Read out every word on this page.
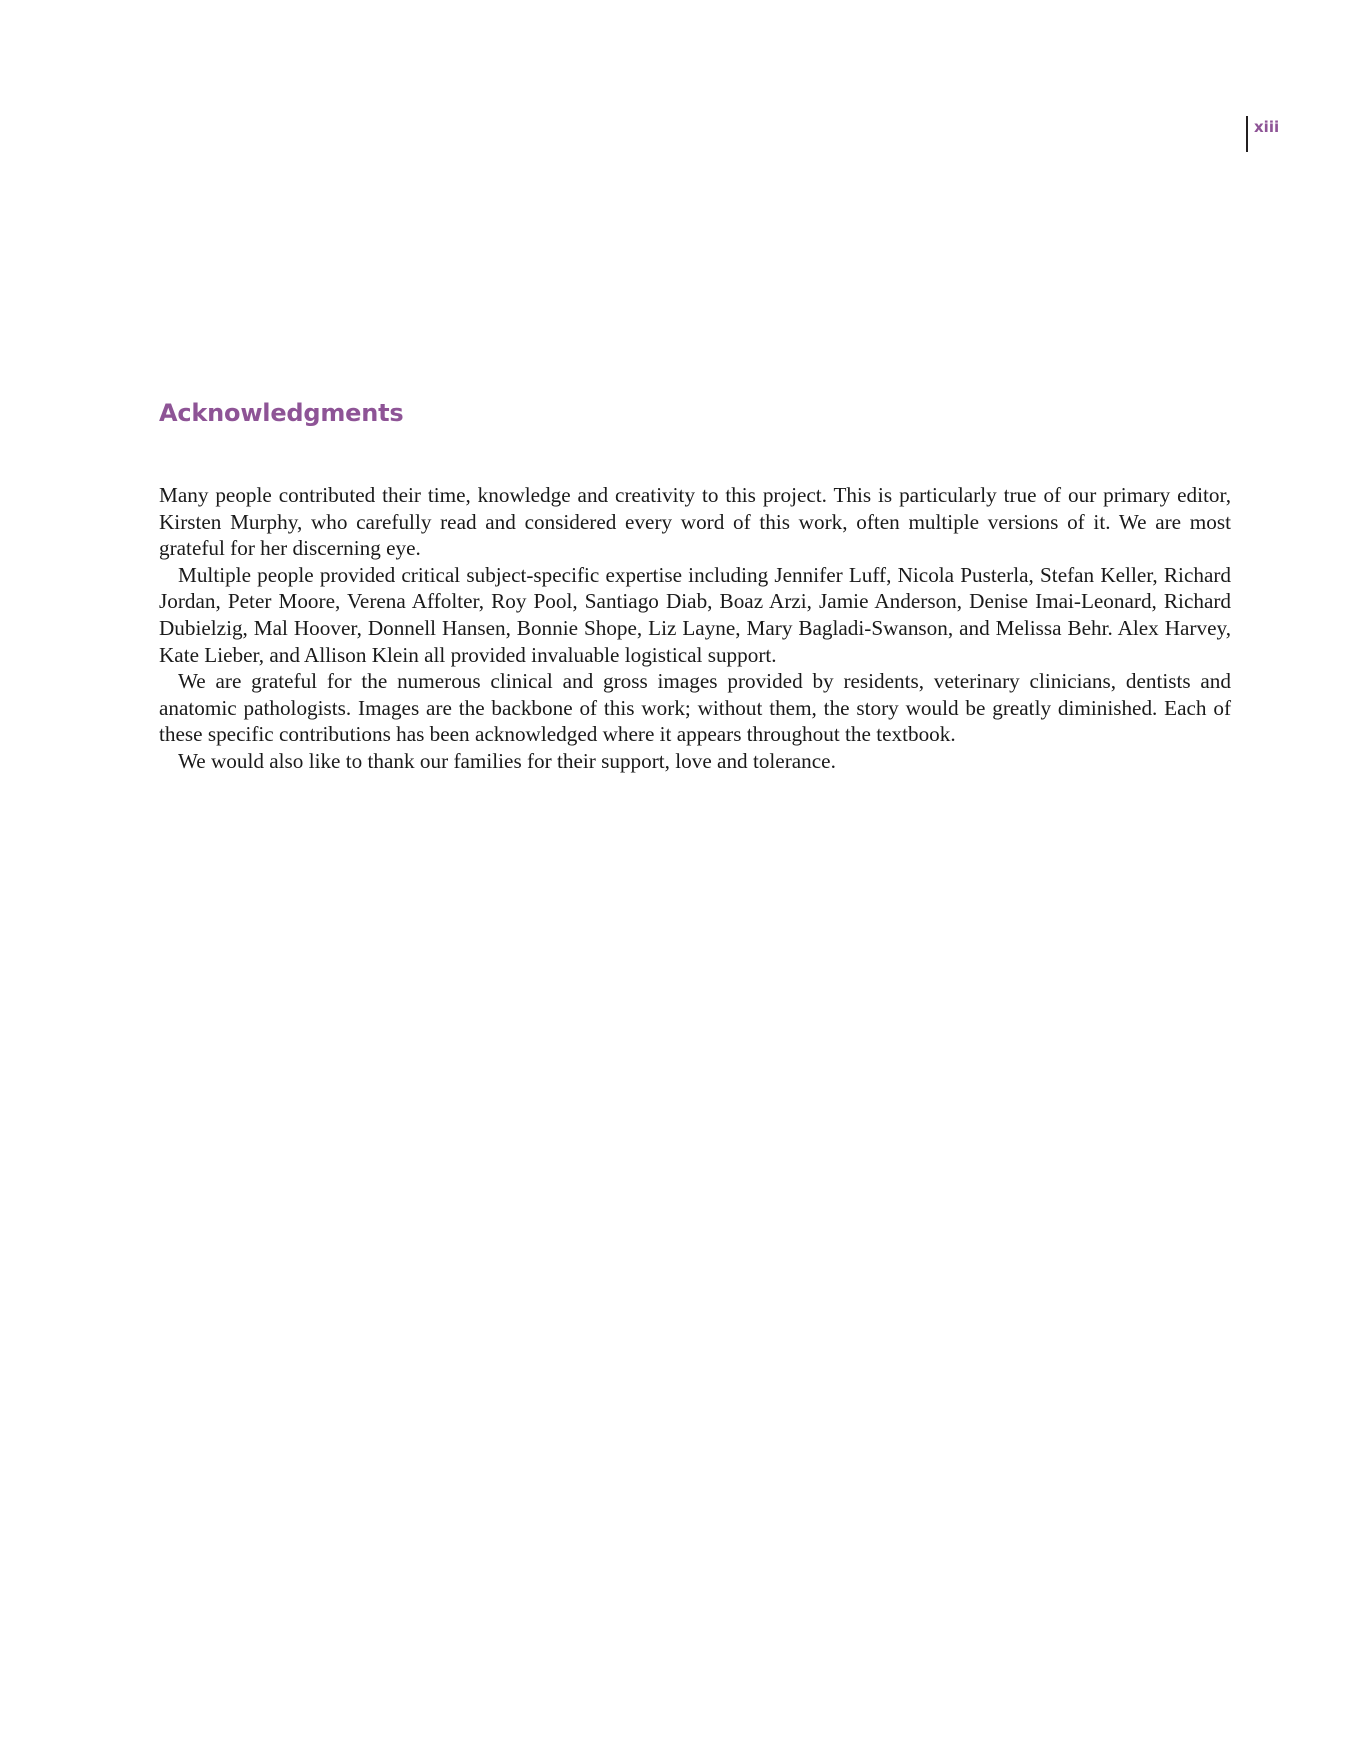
xiii
Acknowledgments

Many people contributed their time, knowledge and creativity to this project. This is particularly true of our primary editor, Kirsten Murphy, who carefully read and considered every word of this work, often multiple versions of it. We are most grateful for her discerning eye.

Multiple people provided critical subject-specific expertise including Jennifer Luff, Nicola Pusterla, Stefan Keller, Richard Jordan, Peter Moore, Verena Affolter, Roy Pool, Santiago Diab, Boaz Arzi, Jamie Anderson, Denise Imai-Leonard, Richard Dubielzig, Mal Hoover, Donnell Hansen, Bonnie Shope, Liz Layne, Mary Bagladi-Swanson, and Melissa Behr. Alex Harvey, Kate Lieber, and Allison Klein all provided invaluable logistical support.

We are grateful for the numerous clinical and gross images provided by residents, veterinary clinicians, dentists and anatomic pathologists. Images are the backbone of this work; without them, the story would be greatly diminished. Each of these specific contributions has been acknowledged where it appears throughout the textbook.

We would also like to thank our families for their support, love and tolerance.
